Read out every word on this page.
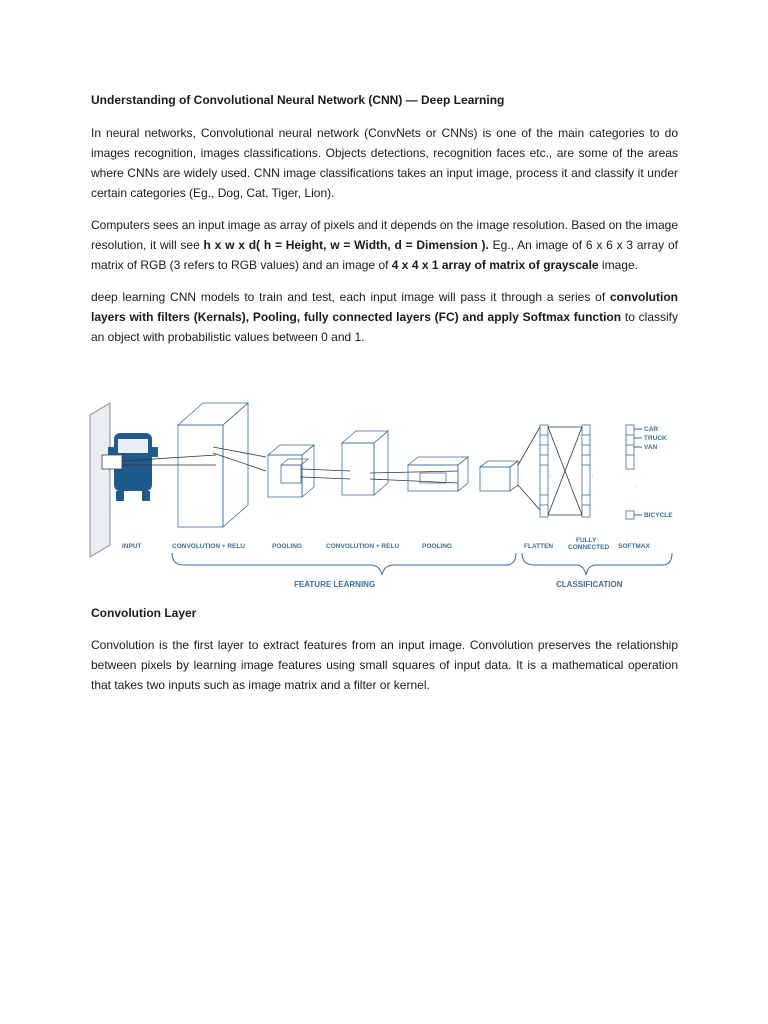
Understanding of Convolutional Neural Network (CNN) — Deep Learning

In neural networks, Convolutional neural network (ConvNets or CNNs) is one of the main categories to do images recognition, images classifications. Objects detections, recognition faces etc., are some of the areas where CNNs are widely used. CNN image classifications takes an input image, process it and classify it under certain categories (Eg., Dog, Cat, Tiger, Lion).

Computers sees an input image as array of pixels and it depends on the image resolution. Based on the image resolution, it will see h x w x d( h = Height, w = Width, d = Dimension ). Eg., An image of 6 x 6 x 3 array of matrix of RGB (3 refers to RGB values) and an image of 4 x 4 x 1 array of matrix of grayscale image.

deep learning CNN models to train and test, each input image will pass it through a series of convolution layers with filters (Kernals), Pooling, fully connected layers (FC) and apply Softmax function to classify an object with probabilistic values between 0 and 1.

⋮	⋮
⋮
INPUT	CONVOLUTION + RELU	POOLING	CONVOLUTION + RELU	POOLING	FLATTEN
FULLY
CONNECTED SOFTMAX
CAR
TRUCK
VAN
BICYCLE
FEATURE LEARNING	CLASSIFICATION
Convolution Layer

Convolution is the first layer to extract features from an input image. Convolution preserves the relationship between pixels by learning image features using small squares of input data. It is a mathematical operation that takes two inputs such as image matrix and a filter or kernel.
